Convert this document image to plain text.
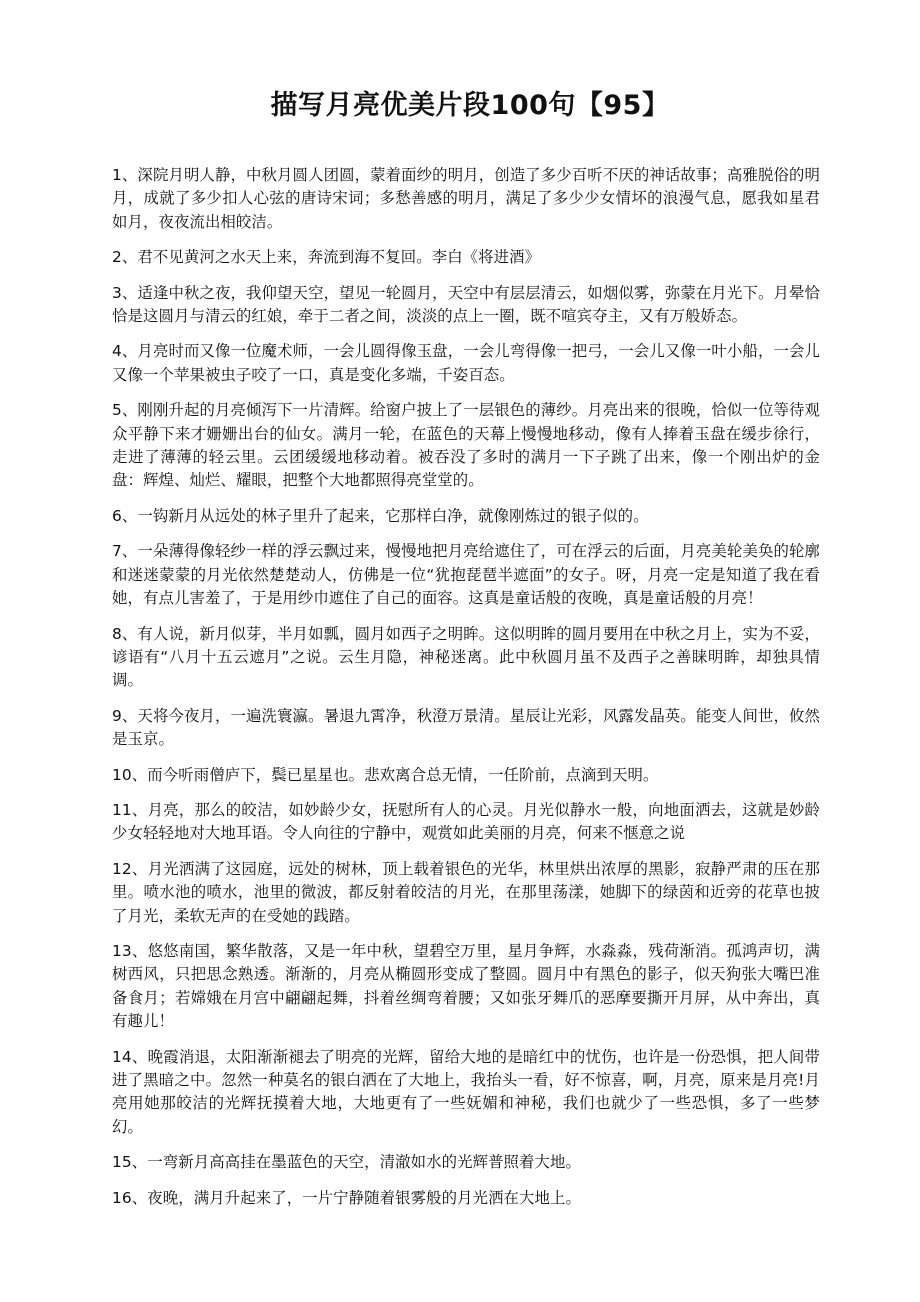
描写月亮优美片段100句【95】

1、深院月明人静，中秋月圆人团圆，蒙着面纱的明月，创造了多少百听不厌的神话故事；高雅脱俗的明月，成就了多少扣人心弦的唐诗宋词；多愁善感的明月，满足了多少少女情坏的浪漫气息，愿我如星君如月，夜夜流出相皎洁。

2、君不见黄河之水天上来，奔流到海不复回。李白《将进酒》

3、适逢中秋之夜，我仰望天空，望见一轮圆月，天空中有层层清云，如烟似雾，弥蒙在月光下。月晕恰恰是这圆月与清云的红娘，牵于二者之间，淡淡的点上一圈，既不喧宾夺主，又有万般娇态。

4、月亮时而又像一位魔术师，一会儿圆得像玉盘，一会儿弯得像一把弓，一会儿又像一叶小船，一会儿又像一个苹果被虫子咬了一口，真是变化多端，千姿百态。

5、刚刚升起的月亮倾泻下一片清辉。给窗户披上了一层银色的薄纱。月亮出来的很晚，恰似一位等待观众平静下来才姗姗出台的仙女。满月一轮，在蓝色的天幕上慢慢地移动，像有人捧着玉盘在缓步徐行，走进了薄薄的轻云里。云团缓缓地移动着。被吞没了多时的满月一下子跳了出来，像一个刚出炉的金盘：辉煌、灿烂、耀眼，把整个大地都照得亮堂堂的。

6、一钩新月从远处的林子里升了起来，它那样白净，就像刚炼过的银子似的。

7、一朵薄得像轻纱一样的浮云飘过来，慢慢地把月亮给遮住了，可在浮云的后面，月亮美轮美奂的轮廓和迷迷蒙蒙的月光依然楚楚动人，仿佛是一位“犹抱琵琶半遮面”的女子。呀，月亮一定是知道了我在看她，有点儿害羞了，于是用纱巾遮住了自己的面容。这真是童话般的夜晚，真是童话般的月亮！

8、有人说，新月似芽，半月如瓢，圆月如西子之明眸。这似明眸的圆月要用在中秋之月上，实为不妥，谚语有“八月十五云遮月”之说。云生月隐，神秘迷离。此中秋圆月虽不及西子之善睐明眸，却独具情调。

9、天将今夜月，一遍洗寰瀛。暑退九霄净，秋澄万景清。星辰让光彩，风露发晶英。能变人间世，攸然是玉京。

10、而今听雨僧庐下，鬓已星星也。悲欢离合总无情，一任阶前，点滴到天明。

11、月亮，那么的皎洁，如妙龄少女，抚慰所有人的心灵。月光似静水一般，向地面洒去，这就是妙龄少女轻轻地对大地耳语。令人向往的宁静中，观赏如此美丽的月亮，何来不惬意之说

12、月光洒满了这园庭，远处的树林，顶上载着银色的光华，林里烘出浓厚的黑影，寂静严肃的压在那里。喷水池的喷水，池里的微波，都反射着皎洁的月光，在那里荡漾，她脚下的绿茵和近旁的花草也披了月光，柔软无声的在受她的践踏。

13、悠悠南国，繁华散落，又是一年中秋，望碧空万里，星月争辉，水淼淼，残荷渐消。孤鸿声切，满树西风，只把思念熟透。渐渐的，月亮从椭圆形变成了整圆。圆月中有黑色的影子，似天狗张大嘴巴准备食月；若嫦娥在月宫中翩翩起舞，抖着丝绸弯着腰；又如张牙舞爪的恶摩要撕开月屏，从中奔出，真有趣儿！

14、晚霞消退，太阳渐渐褪去了明亮的光辉，留给大地的是暗红中的忧伤，也许是一份恐惧，把人间带进了黑暗之中。忽然一种莫名的银白洒在了大地上，我抬头一看，好不惊喜，啊，月亮，原来是月亮!月亮用她那皎洁的光辉抚摸着大地，大地更有了一些妩媚和神秘，我们也就少了一些恐惧，多了一些梦幻。

15、一弯新月高高挂在墨蓝色的天空，清澈如水的光辉普照着大地。

16、夜晚，满月升起来了，一片宁静随着银雾般的月光洒在大地上。
